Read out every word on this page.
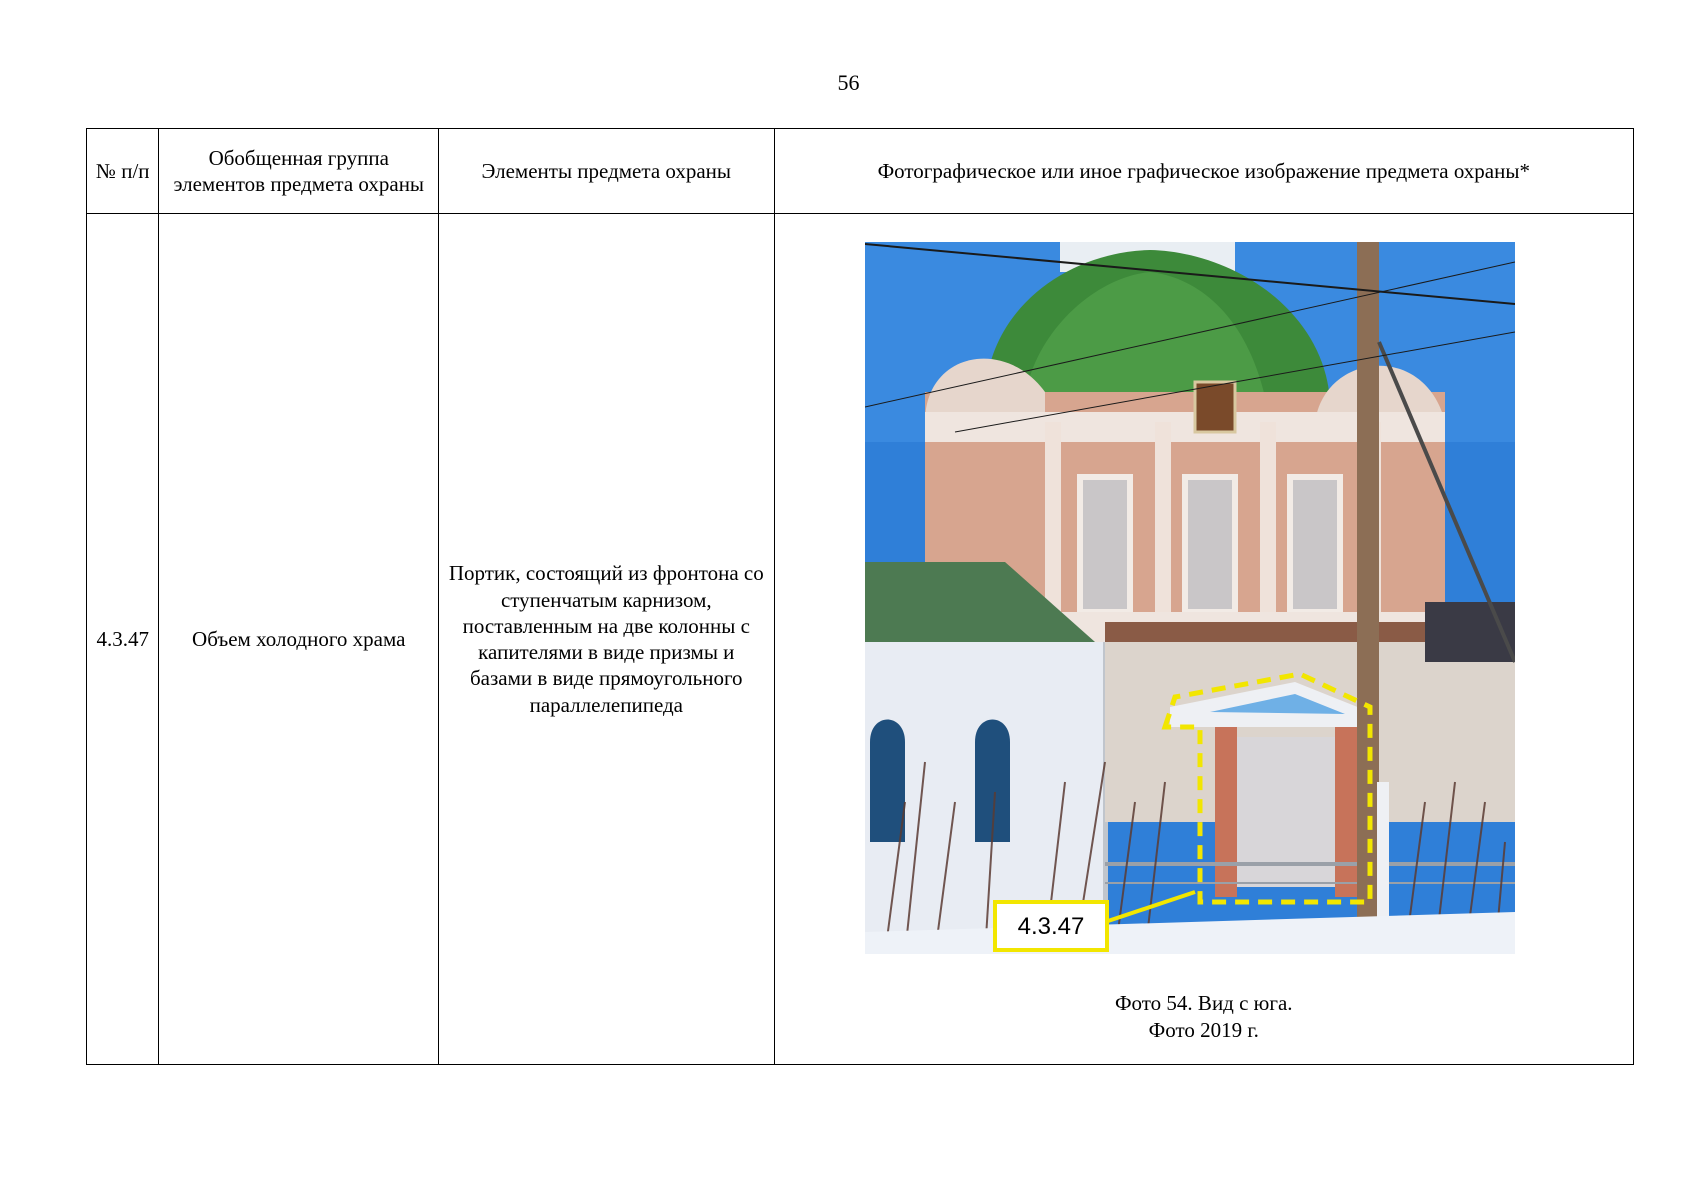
56
№ п/п	Обобщенная группа элементов предмета охраны	Элементы предмета охраны	Фотографическое или иное графическое изображение предмета охраны*
4.3.47	Объем холодного храма	Портик, состоящий из фронтона со ступенчатым карнизом, поставленным на две колонны с капителями в виде призмы и базами в виде прямоугольного параллелепипеда	4.3.47
Фото 54. Вид с юга.
Фото 2019 г.
